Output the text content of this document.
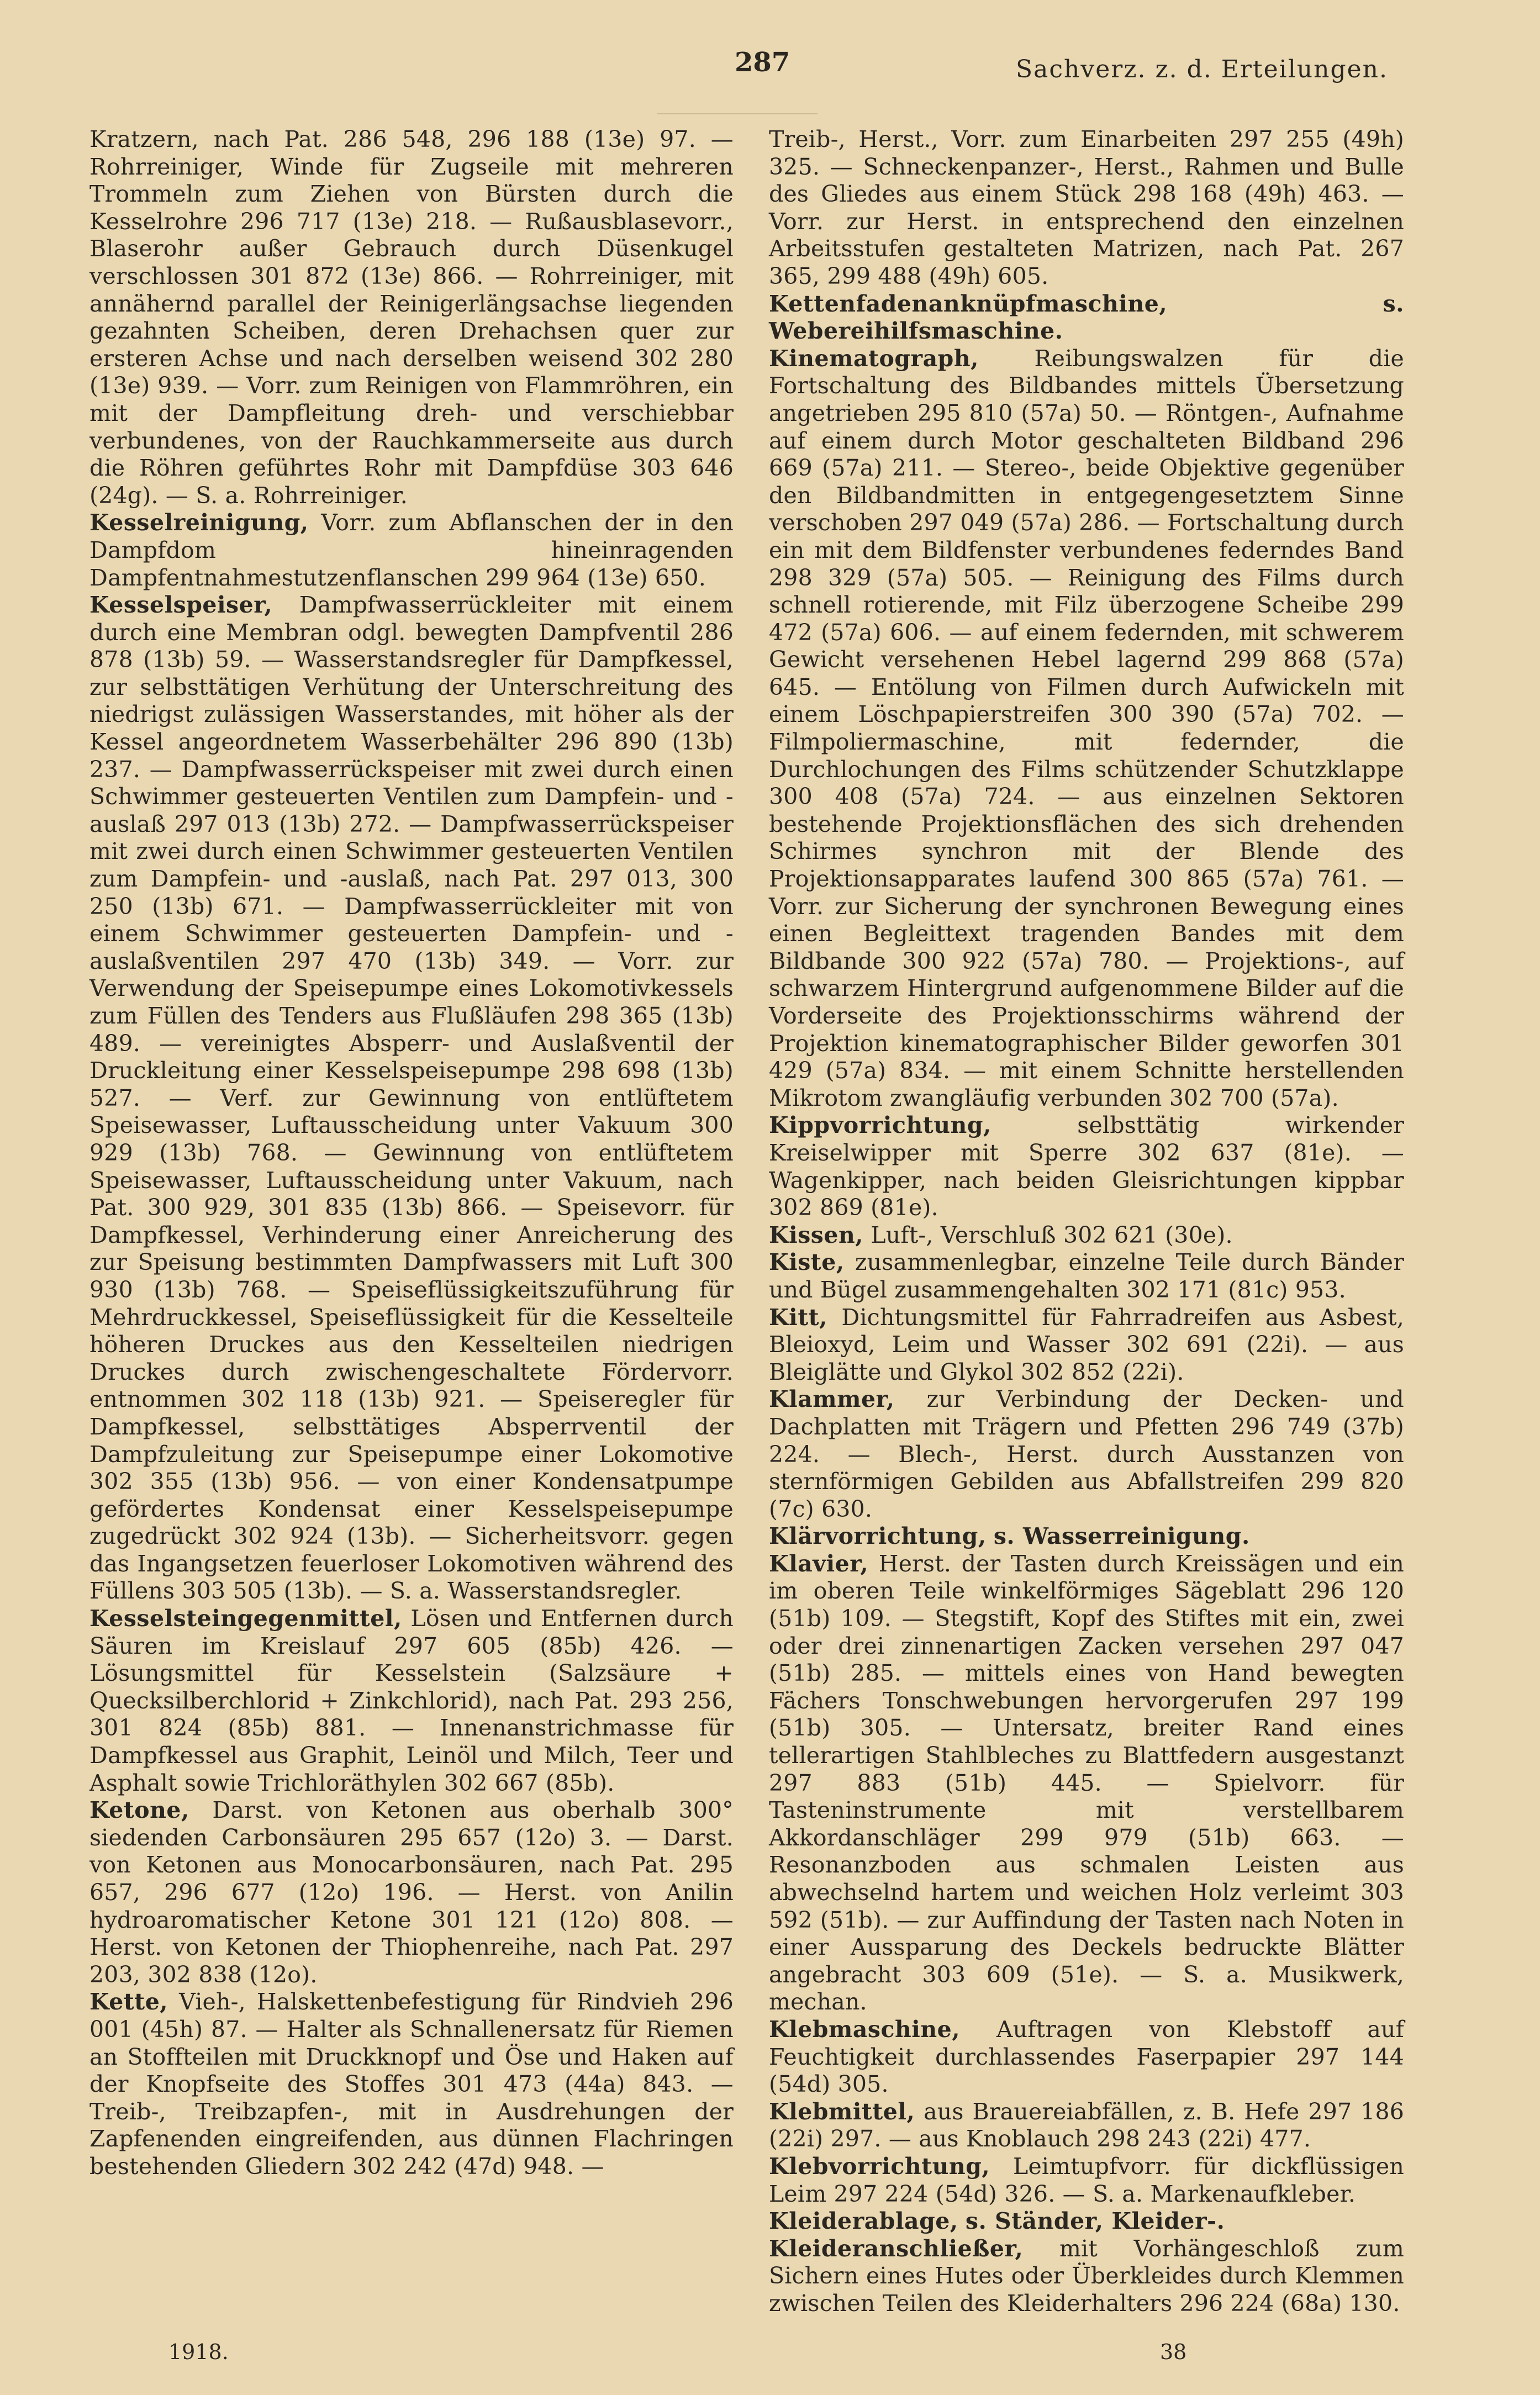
287	Sachverz. z. d. Erteilungen.

Kratzern, nach Pat. 286 548, 296 188 (13e) 97. — Rohrreiniger, Winde für Zugseile mit mehreren Trommeln zum Ziehen von Bürsten durch die Kesselrohre 296 717 (13e) 218. — Rußausblasevorr., Blaserohr außer Gebrauch durch Düsenkugel verschlossen 301 872 (13e) 866. — Rohrreiniger, mit annähernd parallel der Reinigerlängsachse liegenden gezahnten Scheiben, deren Drehachsen quer zur ersteren Achse und nach derselben weisend 302 280 (13e) 939. — Vorr. zum Reinigen von Flammröhren, ein mit der Dampfleitung dreh- und verschiebbar verbundenes, von der Rauchkammerseite aus durch die Röhren geführtes Rohr mit Dampfdüse 303 646 (24g). — S. a. Rohrreiniger.

Kesselreinigung, Vorr. zum Abflanschen der in den Dampfdom hineinragenden Dampfentnahmestutzenflanschen 299 964 (13e) 650.

Kesselspeiser, Dampfwasserrückleiter mit einem durch eine Membran odgl. bewegten Dampfventil 286 878 (13b) 59. — Wasserstandsregler für Dampfkessel, zur selbsttätigen Verhütung der Unterschreitung des niedrigst zulässigen Wasserstandes, mit höher als der Kessel angeordnetem Wasserbehälter 296 890 (13b) 237. — Dampfwasserrückspeiser mit zwei durch einen Schwimmer gesteuerten Ventilen zum Dampfein- und -auslaß 297 013 (13b) 272. — Dampfwasserrückspeiser mit zwei durch einen Schwimmer gesteuerten Ventilen zum Dampfein- und -auslaß, nach Pat. 297 013, 300 250 (13b) 671. — Dampfwasserrückleiter mit von einem Schwimmer gesteuerten Dampfein- und -auslaßventilen 297 470 (13b) 349. — Vorr. zur Verwendung der Speisepumpe eines Lokomotivkessels zum Füllen des Tenders aus Flußläufen 298 365 (13b) 489. — vereinigtes Absperr- und Auslaßventil der Druckleitung einer Kesselspeisepumpe 298 698 (13b) 527. — Verf. zur Gewinnung von entlüftetem Speisewasser, Luftausscheidung unter Vakuum 300 929 (13b) 768. — Gewinnung von entlüftetem Speisewasser, Luftausscheidung unter Vakuum, nach Pat. 300 929, 301 835 (13b) 866. — Speisevorr. für Dampfkessel, Verhinderung einer Anreicherung des zur Speisung bestimmten Dampfwassers mit Luft 300 930 (13b) 768. — Speiseflüssigkeitszuführung für Mehrdruckkessel, Speiseflüssigkeit für die Kesselteile höheren Druckes aus den Kesselteilen niedrigen Druckes durch zwischengeschaltete Fördervorr. entnommen 302 118 (13b) 921. — Speiseregler für Dampfkessel, selbsttätiges Absperrventil der Dampfzuleitung zur Speisepumpe einer Lokomotive 302 355 (13b) 956. — von einer Kondensatpumpe gefördertes Kondensat einer Kesselspeisepumpe zugedrückt 302 924 (13b). — Sicherheitsvorr. gegen das Ingangsetzen feuerloser Lokomotiven während des Füllens 303 505 (13b). — S. a. Wasserstandsregler.

Kesselsteingegenmittel, Lösen und Entfernen durch Säuren im Kreislauf 297 605 (85b) 426. — Lösungsmittel für Kesselstein (Salzsäure + Quecksilberchlorid + Zinkchlorid), nach Pat. 293 256, 301 824 (85b) 881. — Innenanstrichmasse für Dampfkessel aus Graphit, Leinöl und Milch, Teer und Asphalt sowie Trichloräthylen 302 667 (85b).

Ketone, Darst. von Ketonen aus oberhalb 300° siedenden Carbonsäuren 295 657 (12o) 3. — Darst. von Ketonen aus Monocarbonsäuren, nach Pat. 295 657, 296 677 (12o) 196. — Herst. von Anilin hydroaromatischer Ketone 301 121 (12o) 808. — Herst. von Ketonen der Thiophenreihe, nach Pat. 297 203, 302 838 (12o).

Kette, Vieh-, Halskettenbefestigung für Rindvieh 296 001 (45h) 87. — Halter als Schnallenersatz für Riemen an Stoffteilen mit Druckknopf und Öse und Haken auf der Knopfseite des Stoffes 301 473 (44a) 843. — Treib-, Treibzapfen-, mit in Ausdrehungen der Zapfenenden eingreifenden, aus dünnen Flachringen bestehenden Gliedern 302 242 (47d) 948. —

Treib-, Herst., Vorr. zum Einarbeiten 297 255 (49h) 325. — Schneckenpanzer-, Herst., Rahmen und Bulle des Gliedes aus einem Stück 298 168 (49h) 463. — Vorr. zur Herst. in entsprechend den einzelnen Arbeitsstufen gestalteten Matrizen, nach Pat. 267 365, 299 488 (49h) 605.

Kettenfadenanknüpfmaschine,	s. Webereihilfsmaschine.

Kinematograph, Reibungswalzen für die Fortschaltung des Bildbandes mittels Übersetzung angetrieben 295 810 (57a) 50. — Röntgen-, Aufnahme auf einem durch Motor geschalteten Bildband 296 669 (57a) 211. — Stereo-, beide Objektive gegenüber den Bildbandmitten in entgegengesetztem Sinne verschoben 297 049 (57a) 286. — Fortschaltung durch ein mit dem Bildfenster verbundenes federndes Band 298 329 (57a) 505. — Reinigung des Films durch schnell rotierende, mit Filz überzogene Scheibe 299 472 (57a) 606. — auf einem federnden, mit schwerem Gewicht versehenen Hebel lagernd 299 868 (57a) 645. — Entölung von Filmen durch Aufwickeln mit einem Löschpapierstreifen 300 390 (57a) 702. — Filmpoliermaschine, mit federnder, die Durchlochungen des Films schützender Schutzklappe 300 408 (57a) 724. — aus einzelnen Sektoren bestehende Projektionsflächen des sich drehenden Schirmes synchron mit der Blende des Projektionsapparates laufend 300 865 (57a) 761. — Vorr. zur Sicherung der synchronen Bewegung eines einen Begleittext tragenden Bandes mit dem Bildbande 300 922 (57a) 780. — Projektions-, auf schwarzem Hintergrund aufgenommene Bilder auf die Vorderseite des Projektionsschirms während der Projektion kinematographischer Bilder geworfen 301 429 (57a) 834. — mit einem Schnitte herstellenden Mikrotom zwangläufig verbunden 302 700 (57a).

Kippvorrichtung,	selbsttätig wirkender Kreiselwipper mit Sperre 302 637 (81e). — Wagenkipper, nach beiden Gleisrichtungen kippbar 302 869 (81e).

Kissen, Luft-, Verschluß 302 621 (30e).

Kiste, zusammenlegbar, einzelne Teile durch Bänder und Bügel zusammengehalten 302 171 (81c) 953.

Kitt, Dichtungsmittel für Fahrradreifen aus Asbest, Bleioxyd, Leim und Wasser 302 691 (22i). — aus Bleiglätte und Glykol 302 852 (22i).

Klammer, zur Verbindung der Decken- und Dachplatten mit Trägern und Pfetten 296 749 (37b) 224. — Blech-, Herst. durch Ausstanzen von sternförmigen Gebilden aus Abfallstreifen 299 820 (7c) 630.

Klärvorrichtung, s. Wasserreinigung.

Klavier, Herst. der Tasten durch Kreissägen und ein im oberen Teile winkelförmiges Sägeblatt 296 120 (51b) 109. — Stegstift, Kopf des Stiftes mit ein, zwei oder drei zinnenartigen Zacken versehen 297 047 (51b) 285. — mittels eines von Hand bewegten Fächers Tonschwebungen hervorgerufen 297 199 (51b) 305. — Untersatz, breiter Rand eines tellerartigen Stahlbleches zu Blattfedern ausgestanzt 297 883 (51b) 445. — Spielvorr. für Tasteninstrumente mit verstellbarem Akkordanschläger 299 979 (51b) 663. — Resonanzboden aus schmalen Leisten aus abwechselnd hartem und weichen Holz verleimt 303 592 (51b). — zur Auffindung der Tasten nach Noten in einer Aussparung des Deckels bedruckte Blätter angebracht 303 609 (51e). — S. a. Musikwerk, mechan.

Klebmaschine, Auftragen von Klebstoff auf Feuchtigkeit durchlassendes Faserpapier 297 144 (54d) 305.

Klebmittel, aus Brauereiabfällen, z. B. Hefe 297 186 (22i) 297. — aus Knoblauch 298 243 (22i) 477.

Klebvorrichtung, Leimtupfvorr. für dickflüssigen Leim 297 224 (54d) 326. — S. a. Markenaufkleber.

Kleiderablage, s. Ständer, Kleider-.

Kleideranschließer, mit Vorhängeschloß zum Sichern eines Hutes oder Überkleides durch Klemmen zwischen Teilen des Kleiderhalters 296 224 (68a) 130.

1918.	38
